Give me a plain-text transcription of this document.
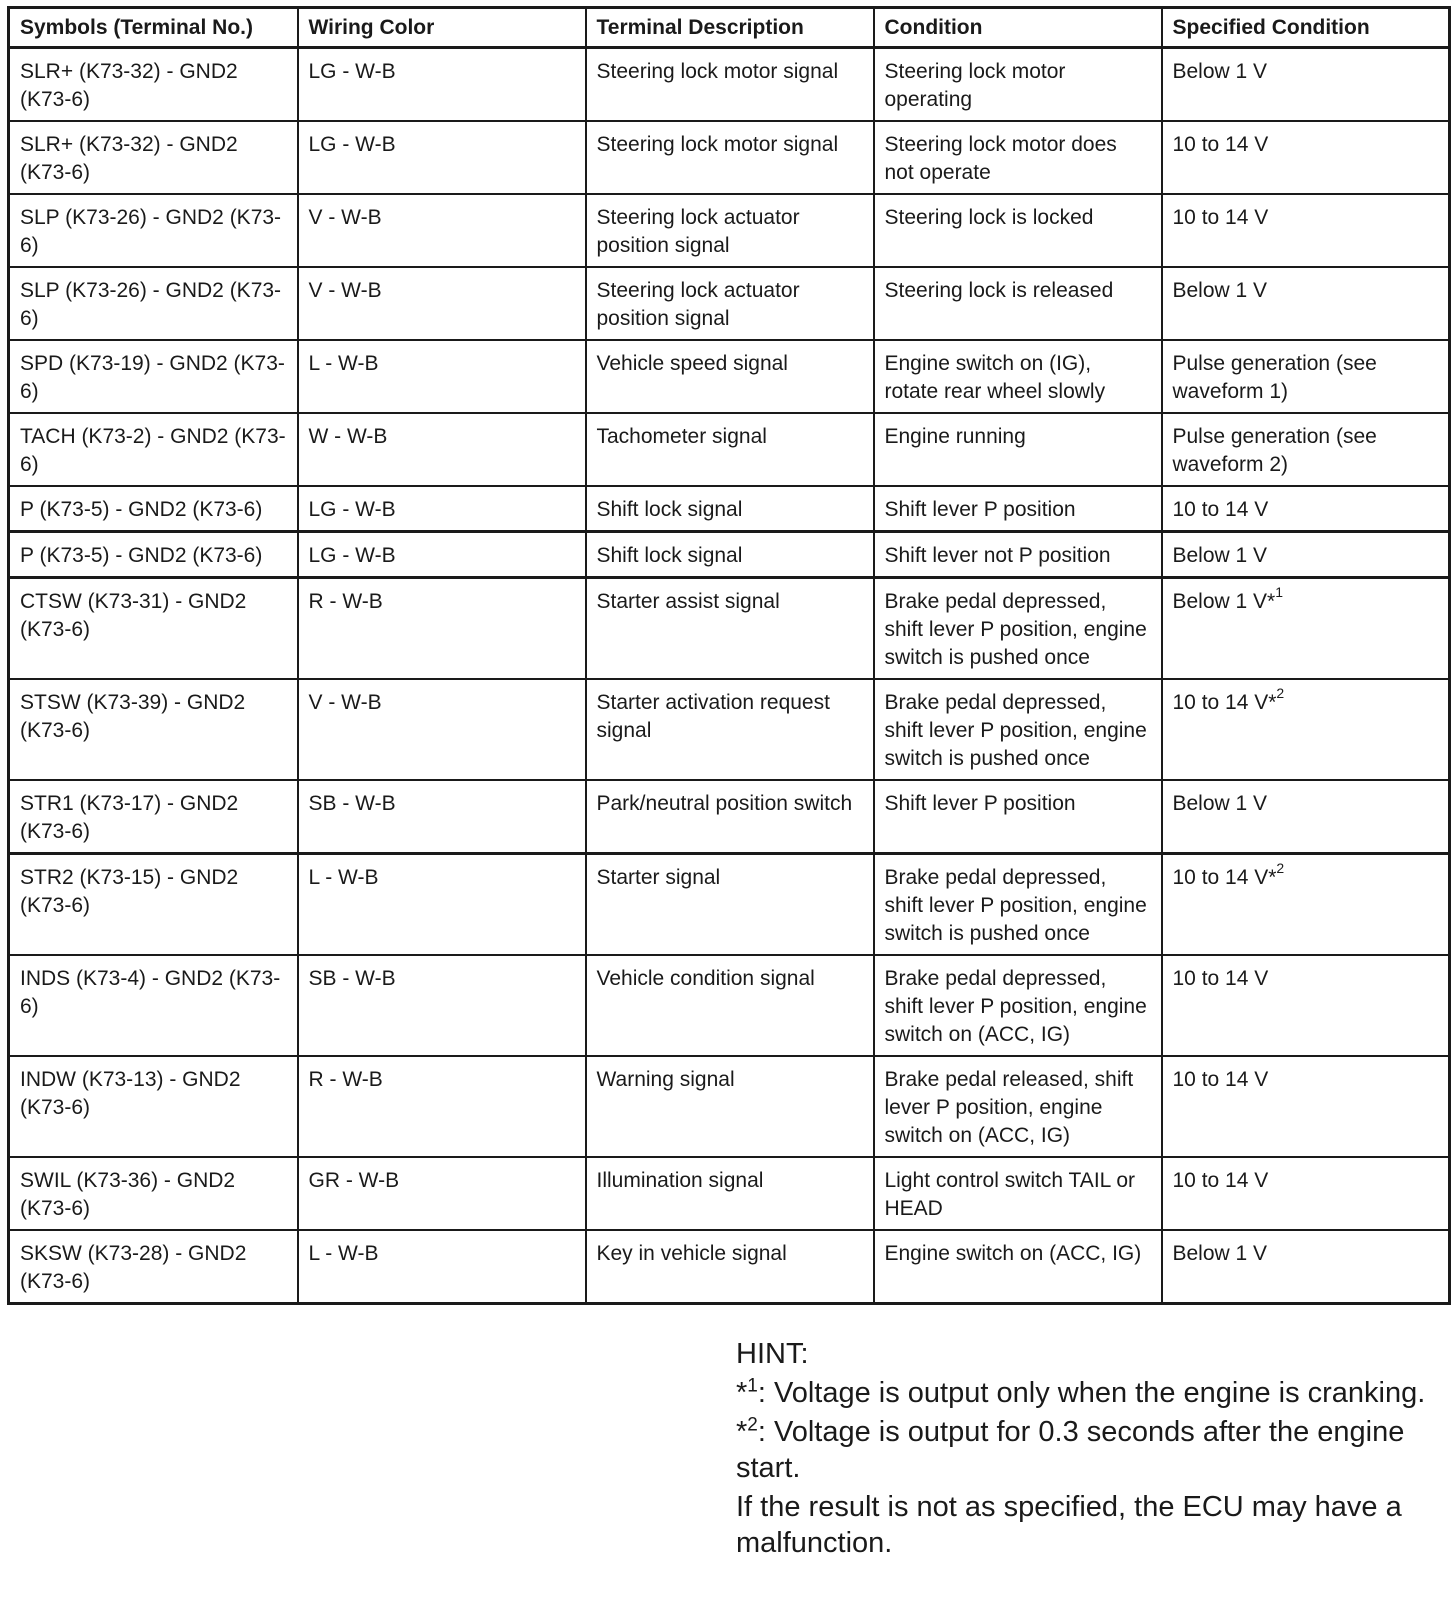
Symbols (Terminal No.)	Wiring Color	Terminal Description	Condition	Specified Condition
SLR+ (K73-32) - GND2 (K73-6)	LG - W-B	Steering lock motor signal	Steering lock motor operating	Below 1 V
SLR+ (K73-32) - GND2 (K73-6)	LG - W-B	Steering lock motor signal	Steering lock motor does not operate	10 to 14 V
SLP (K73-26) - GND2 (K73-6)	V - W-B	Steering lock actuator position signal	Steering lock is locked	10 to 14 V
SLP (K73-26) - GND2 (K73-6)	V - W-B	Steering lock actuator position signal	Steering lock is released	Below 1 V
SPD (K73-19) - GND2 (K73-6)	L - W-B	Vehicle speed signal	Engine switch on (IG), rotate rear wheel slowly	Pulse generation (see waveform 1)
TACH (K73-2) - GND2 (K73-6)	W - W-B	Tachometer signal	Engine running	Pulse generation (see waveform 2)
P (K73-5) - GND2 (K73-6)	LG - W-B	Shift lock signal	Shift lever P position	10 to 14 V
P (K73-5) - GND2 (K73-6)	LG - W-B	Shift lock signal	Shift lever not P position	Below 1 V
CTSW (K73-31) - GND2 (K73-6)	R - W-B	Starter assist signal	Brake pedal depressed, shift lever P position, engine switch is pushed once	Below 1 V*$^1$
STSW (K73-39) - GND2 (K73-6)	V - W-B	Starter activation request signal	Brake pedal depressed, shift lever P position, engine switch is pushed once	10 to 14 V*$^2$
STR1 (K73-17) - GND2 (K73-6)	SB - W-B	Park/neutral position switch	Shift lever P position	Below 1 V
STR2 (K73-15) - GND2 (K73-6)	L - W-B	Starter signal	Brake pedal depressed, shift lever P position, engine switch is pushed once	10 to 14 V*$^2$
INDS (K73-4) - GND2 (K73-6)	SB - W-B	Vehicle condition signal	Brake pedal depressed, shift lever P position, engine switch on (ACC, IG)	10 to 14 V
INDW (K73-13) - GND2 (K73-6)	R - W-B	Warning signal	Brake pedal released, shift lever P position, engine switch on (ACC, IG)	10 to 14 V
SWIL (K73-36) - GND2 (K73-6)	GR - W-B	Illumination signal	Light control switch TAIL or HEAD	10 to 14 V
SKSW (K73-28) - GND2 (K73-6)	L - W-B	Key in vehicle signal	Engine switch on (ACC, IG)	Below 1 V

HINT:

*$^1$: Voltage is output only when the engine is cranking.

*$^2$: Voltage is output for 0.3 seconds after the engine start.

If the result is not as specified, the ECU may have a malfunction.
